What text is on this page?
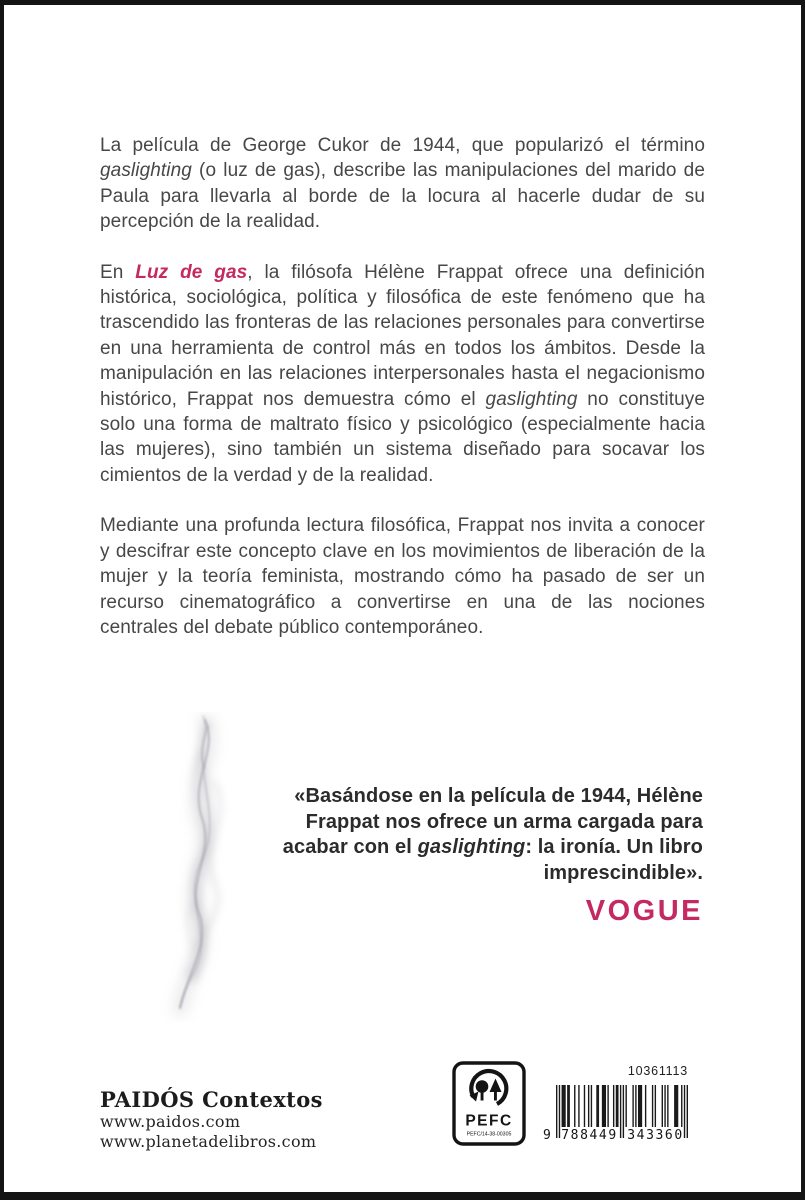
La película de George Cukor de 1944, que popularizó el término gaslighting (o luz de gas), describe las manipulaciones del marido de Paula para llevarla al borde de la locura al hacerle dudar de su percepción de la realidad.

En Luz de gas, la filósofa Hélène Frappat ofrece una definición histórica, sociológica, política y filosófica de este fenómeno que ha trascendido las fronteras de las relaciones personales para convertirse en una herramienta de control más en todos los ámbitos. Desde la manipulación en las relaciones interpersonales hasta el negacionismo histórico, Frappat nos demuestra cómo el gaslighting no constituye solo una forma de maltrato físico y psicológico (especialmente hacia las mujeres), sino también un sistema diseñado para socavar los cimientos de la verdad y de la realidad.

Mediante una profunda lectura filosófica, Frappat nos invita a conocer y descifrar este concepto clave en los movimientos de liberación de la mujer y la teoría feminista, mostrando cómo ha pasado de ser un recurso cinematográfico a convertirse en una de las nociones centrales del debate público contemporáneo.

«Basándose en la película de 1944, Hélène Frappat nos ofrece un arma cargada para acabar con el gaslighting: la ironía. Un libro imprescindible».
VOGUE
PAIDÓS Contextos
www.paidos.com
www.planetadelibros.com
PEFC
PEFC/14-38-00305
10361113
9 788449 343360
